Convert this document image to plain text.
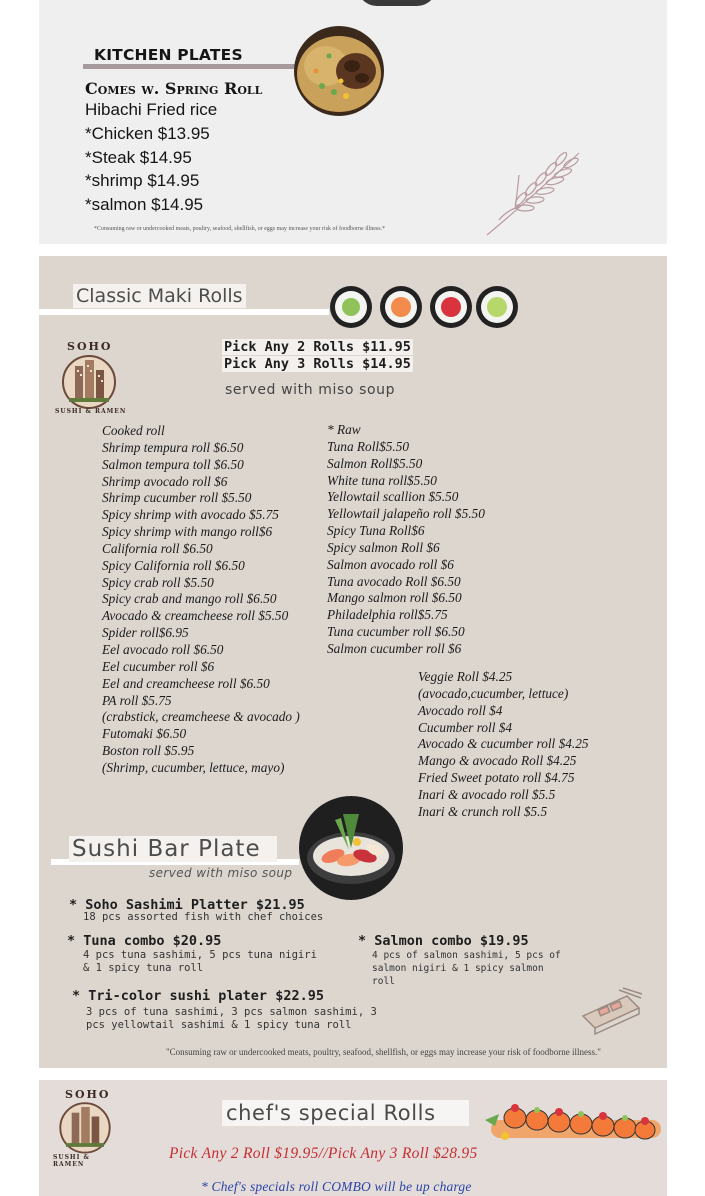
KITCHEN PLATES
Comes w. Spring Roll
Hibachi Fried rice
*Chicken $13.95
*Steak $14.95
*shrimp $14.95
*salmon $14.95
*Consuming raw or undercooked meats, poultry, seafood, shellfish, or eggs may increase your risk of foodborne illness.*
Classic Maki Rolls
SOHO
SUSHI & RAMEN
Pick Any 2 Rolls $11.95
Pick Any 3 Rolls $14.95
served with miso soup
Cooked roll
Shrimp tempura roll $6.50
Salmon tempura toll $6.50
Shrimp avocado roll $6
Shrimp cucumber roll $5.50
Spicy shrimp with avocado $5.75
Spicy shrimp with mango roll$6
California roll $6.50
Spicy California roll $6.50
Spicy crab roll $5.50
Spicy crab and mango roll $6.50
Avocado & creamcheese roll $5.50
Spider roll$6.95
Eel avocado roll $6.50
Eel cucumber roll $6
Eel and creamcheese roll $6.50
PA roll $5.75
(crabstick, creamcheese & avocado )
Futomaki $6.50
Boston roll $5.95
(Shrimp, cucumber, lettuce, mayo)
* Raw
Tuna Roll$5.50
Salmon Roll$5.50
White tuna roll$5.50
Yellowtail scallion $5.50
Yellowtail jalapeño roll $5.50
Spicy Tuna Roll$6
Spicy salmon Roll $6
Salmon avocado roll $6
Tuna avocado Roll $6.50
Mango salmon roll $6.50
Philadelphia roll$5.75
Tuna cucumber roll $6.50
Salmon cucumber roll $6
Veggie Roll $4.25
(avocado,cucumber, lettuce)
Avocado roll $4
Cucumber roll $4
Avocado & cucumber roll $4.25
Mango & avocado Roll $4.25
Fried Sweet potato roll $4.75
Inari & avocado roll $5.5
Inari & crunch roll $5.5
Sushi Bar Plate
served with miso soup
* Soho Sashimi Platter $21.95
18 pcs assorted fish with chef choices
* Tuna combo $20.95
4 pcs tuna sashimi, 5 pcs tuna nigiri & 1 spicy tuna roll
* Salmon combo $19.95
4 pcs of salmon sashimi, 5 pcs of salmon nigiri & 1 spicy salmon roll
* Tri-color sushi plater $22.95
3 pcs of tuna sashimi, 3 pcs salmon sashimi, 3 pcs yellowtail sashimi & 1 spicy tuna roll
"Consuming raw or undercooked meats, poultry, seafood, shellfish, or eggs may increase your risk of foodborne illness."
SOHO
SUSHI & RAMEN
chef's special Rolls
Pick Any 2 Roll $19.95//Pick Any 3 Roll $28.95
* Chef's specials roll COMBO will be up charge
